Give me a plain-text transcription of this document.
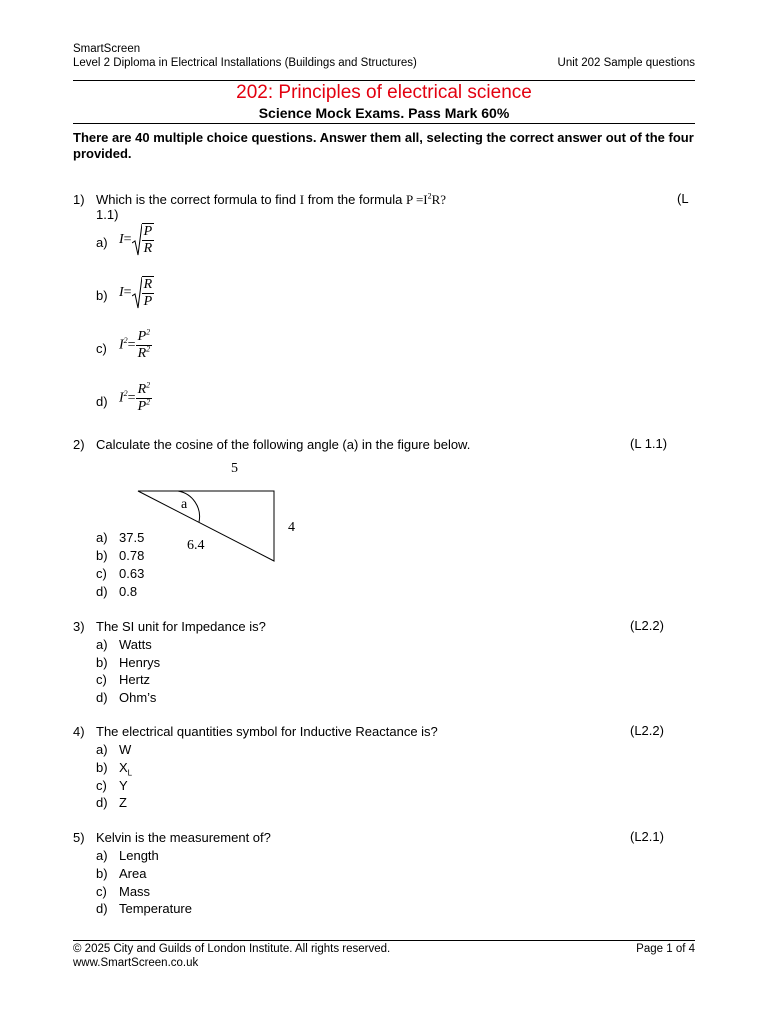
SmartScreen
Level 2 Diploma in Electrical Installations (Buildings and Structures)	Unit 202 Sample questions
202: Principles of electrical science
Science Mock Exams. Pass Mark 60%
There are 40 multiple choice questions. Answer them all, selecting the correct answer out of the four provided.
1) Which is the correct formula to find I from the formula $P =I^2R$?	(L
1.1)
a) $I= \frac{P}{R}$
b) $I= \frac{R}{P}$
c) $I^2= \frac{P^2}{R^2}$
d) $I^2= \frac{R^2}{P^2}$
2) Calculate the cosine of the following angle (a) in the figure below.	(L 1.1)
5
4
6.4
a
a) 37.5
b) 0.78
c) 0.63
d) 0.8
3) The SI unit for Impedance is?	(L2.2)
a) Watts
b) Henrys
c) Hertz
d) Ohm’s
4) The electrical quantities symbol for Inductive Reactance is?	(L2.2)
a) W
b) $X_L$
c) Y
d) Z
5) Kelvin is the measurement of?	(L2.1)
a) Length
b) Area
c) Mass
d) Temperature
© 2025 City and Guilds of London Institute. All rights reserved.
www.SmartScreen.co.uk
Page 1 of 4
